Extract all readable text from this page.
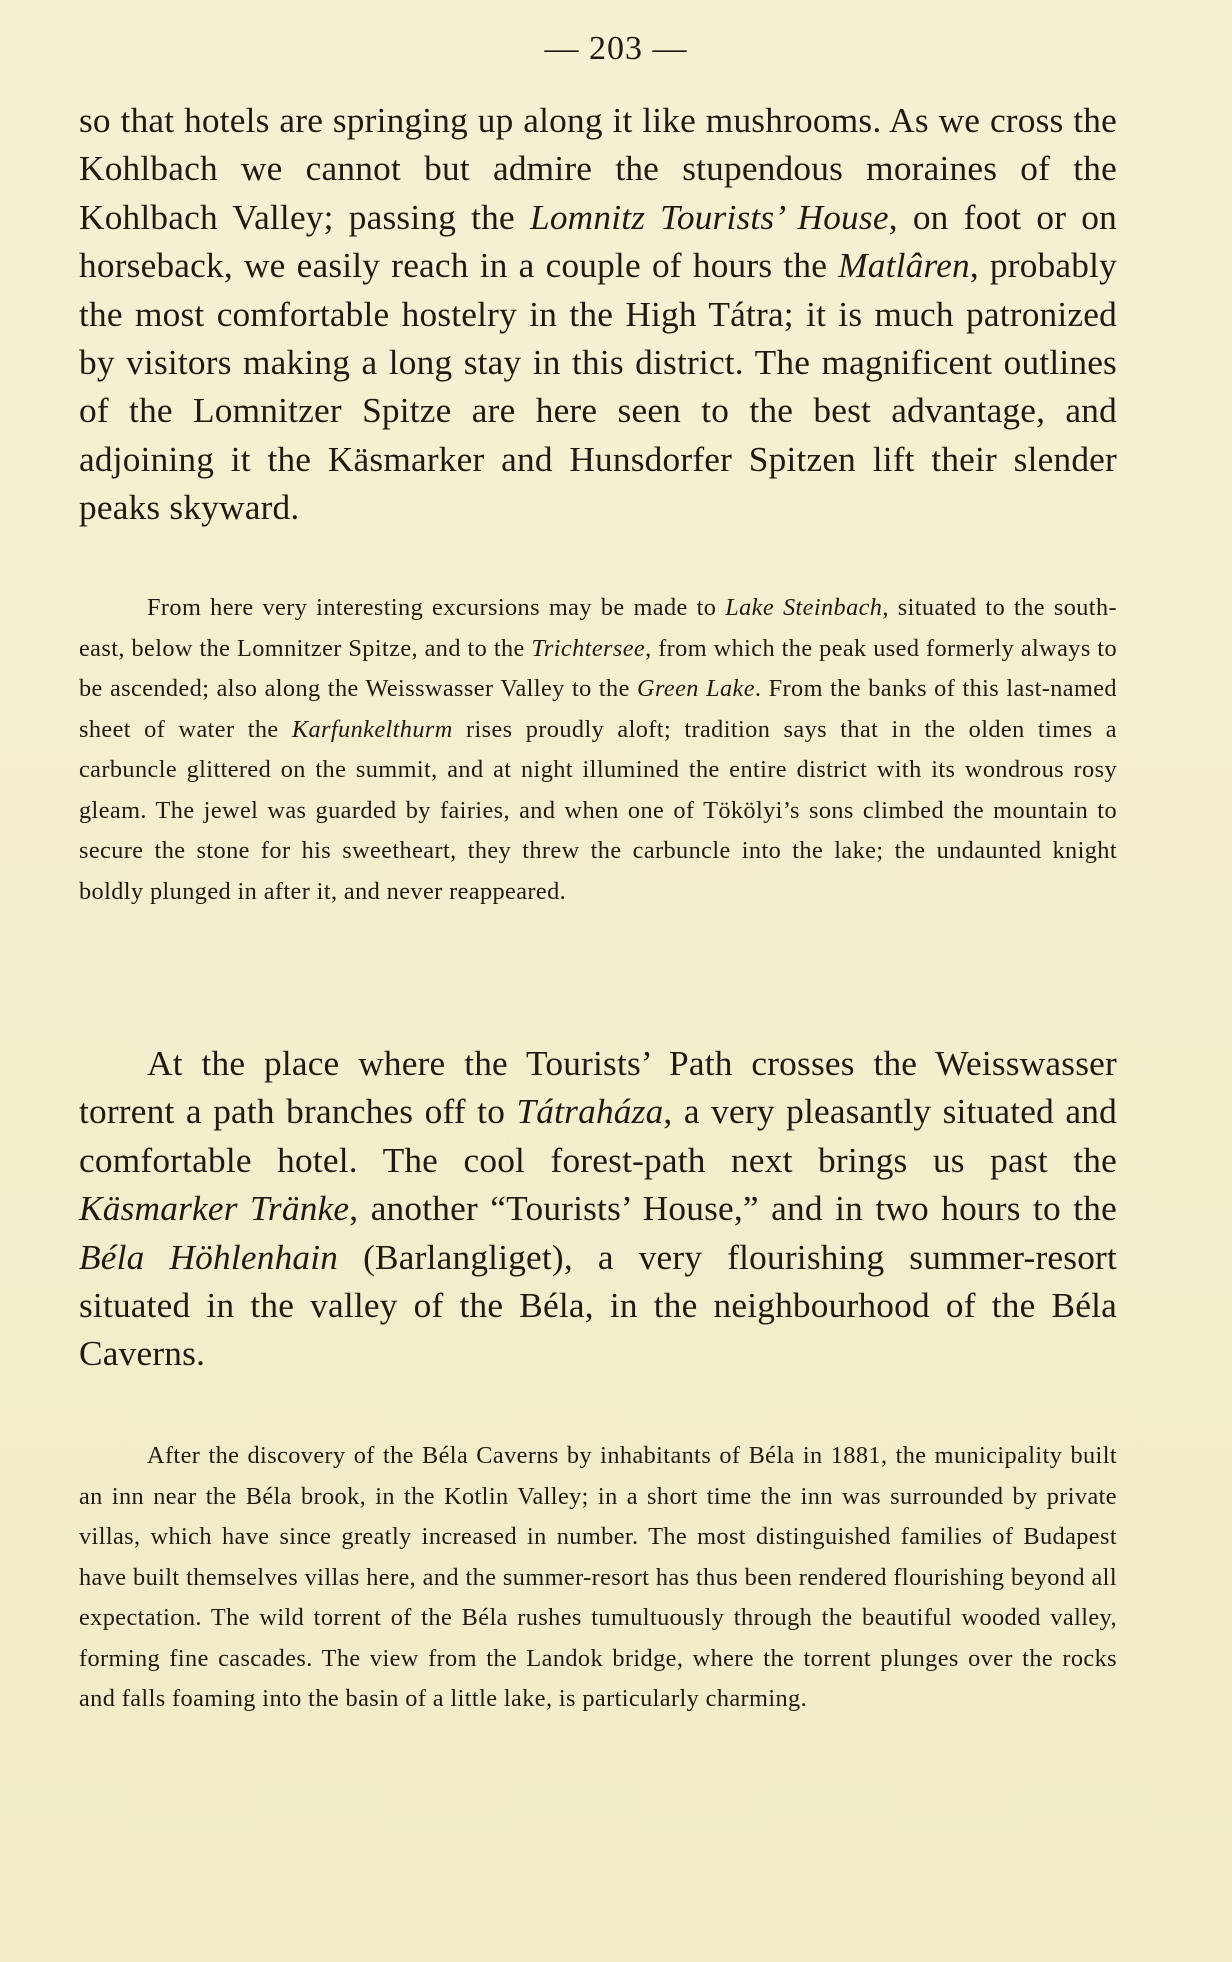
— 203 —

so that hotels are springing up along it like mushrooms. As we cross the Kohlbach we cannot but admire the stupendous moraines of the Kohlbach Valley; passing the Lomnitz Tourists’ House, on foot or on horseback, we easily reach in a couple of hours the Matlâren, probably the most comfortable hostelry in the High Tátra; it is much patronized by visitors making a long stay in this district. The magnificent outlines of the Lomnitzer Spitze are here seen to the best advantage, and adjoining it the Käsmarker and Hunsdorfer Spitzen lift their slender peaks skyward.

From here very interesting excursions may be made to Lake Steinbach, situated to the south-east, below the Lomnitzer Spitze, and to the Trichtersee, from which the peak used formerly always to be ascended; also along the Weisswasser Valley to the Green Lake. From the banks of this last-named sheet of water the Karfunkelthurm rises proudly aloft; tradition says that in the olden times a carbuncle glittered on the summit, and at night illumined the entire district with its wondrous rosy gleam. The jewel was guarded by fairies, and when one of Tökölyi’s sons climbed the mountain to secure the stone for his sweetheart, they threw the carbuncle into the lake; the undaunted knight boldly plunged in after it, and never reappeared.

At the place where the Tourists’ Path crosses the Weisswasser torrent a path branches off to Tátraháza, a very pleasantly situated and comfortable hotel. The cool forest-path next brings us past the Käsmarker Tränke, another “Tourists’ House,” and in two hours to the Béla Höhlenhain (Barlangliget), a very flourishing summer-resort situated in the valley of the Béla, in the neighbourhood of the Béla Caverns.

After the discovery of the Béla Caverns by inhabitants of Béla in 1881, the municipality built an inn near the Béla brook, in the Kotlin Valley; in a short time the inn was surrounded by private villas, which have since greatly increased in number. The most distinguished families of Budapest have built themselves villas here, and the summer-resort has thus been rendered flourishing beyond all expectation. The wild torrent of the Béla rushes tumultuously through the beautiful wooded valley, forming fine cascades. The view from the Landok bridge, where the torrent plunges over the rocks and falls foaming into the basin of a little lake, is particularly charming.
